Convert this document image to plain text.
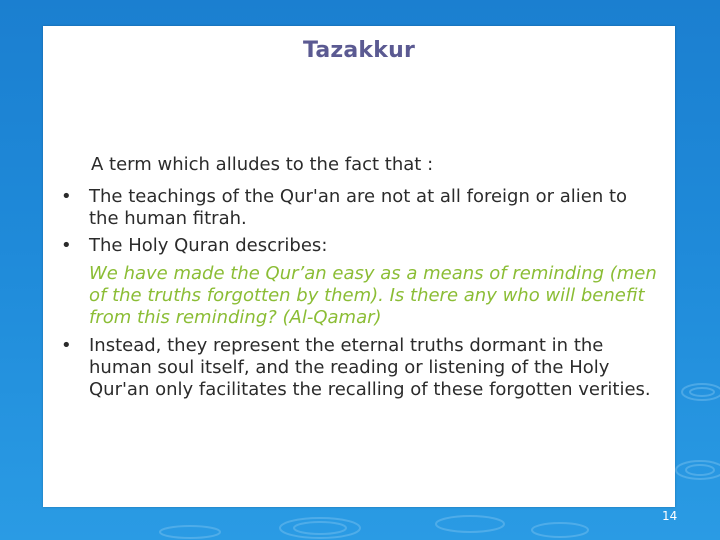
Tazakkur
A term which alludes to the fact that :
• The teachings of the Qur'an are not at all foreign or alien to the human fitrah.
• The Holy Quran describes:
We have made the Qur’an easy as a means of reminding (men of the truths forgotten by them). Is there any who will benefit from this reminding? (Al-Qamar)
• Instead, they represent the eternal truths dormant in the human soul itself, and the reading or listening of the Holy Qur'an only facilitates the recalling of these forgotten verities.
14
